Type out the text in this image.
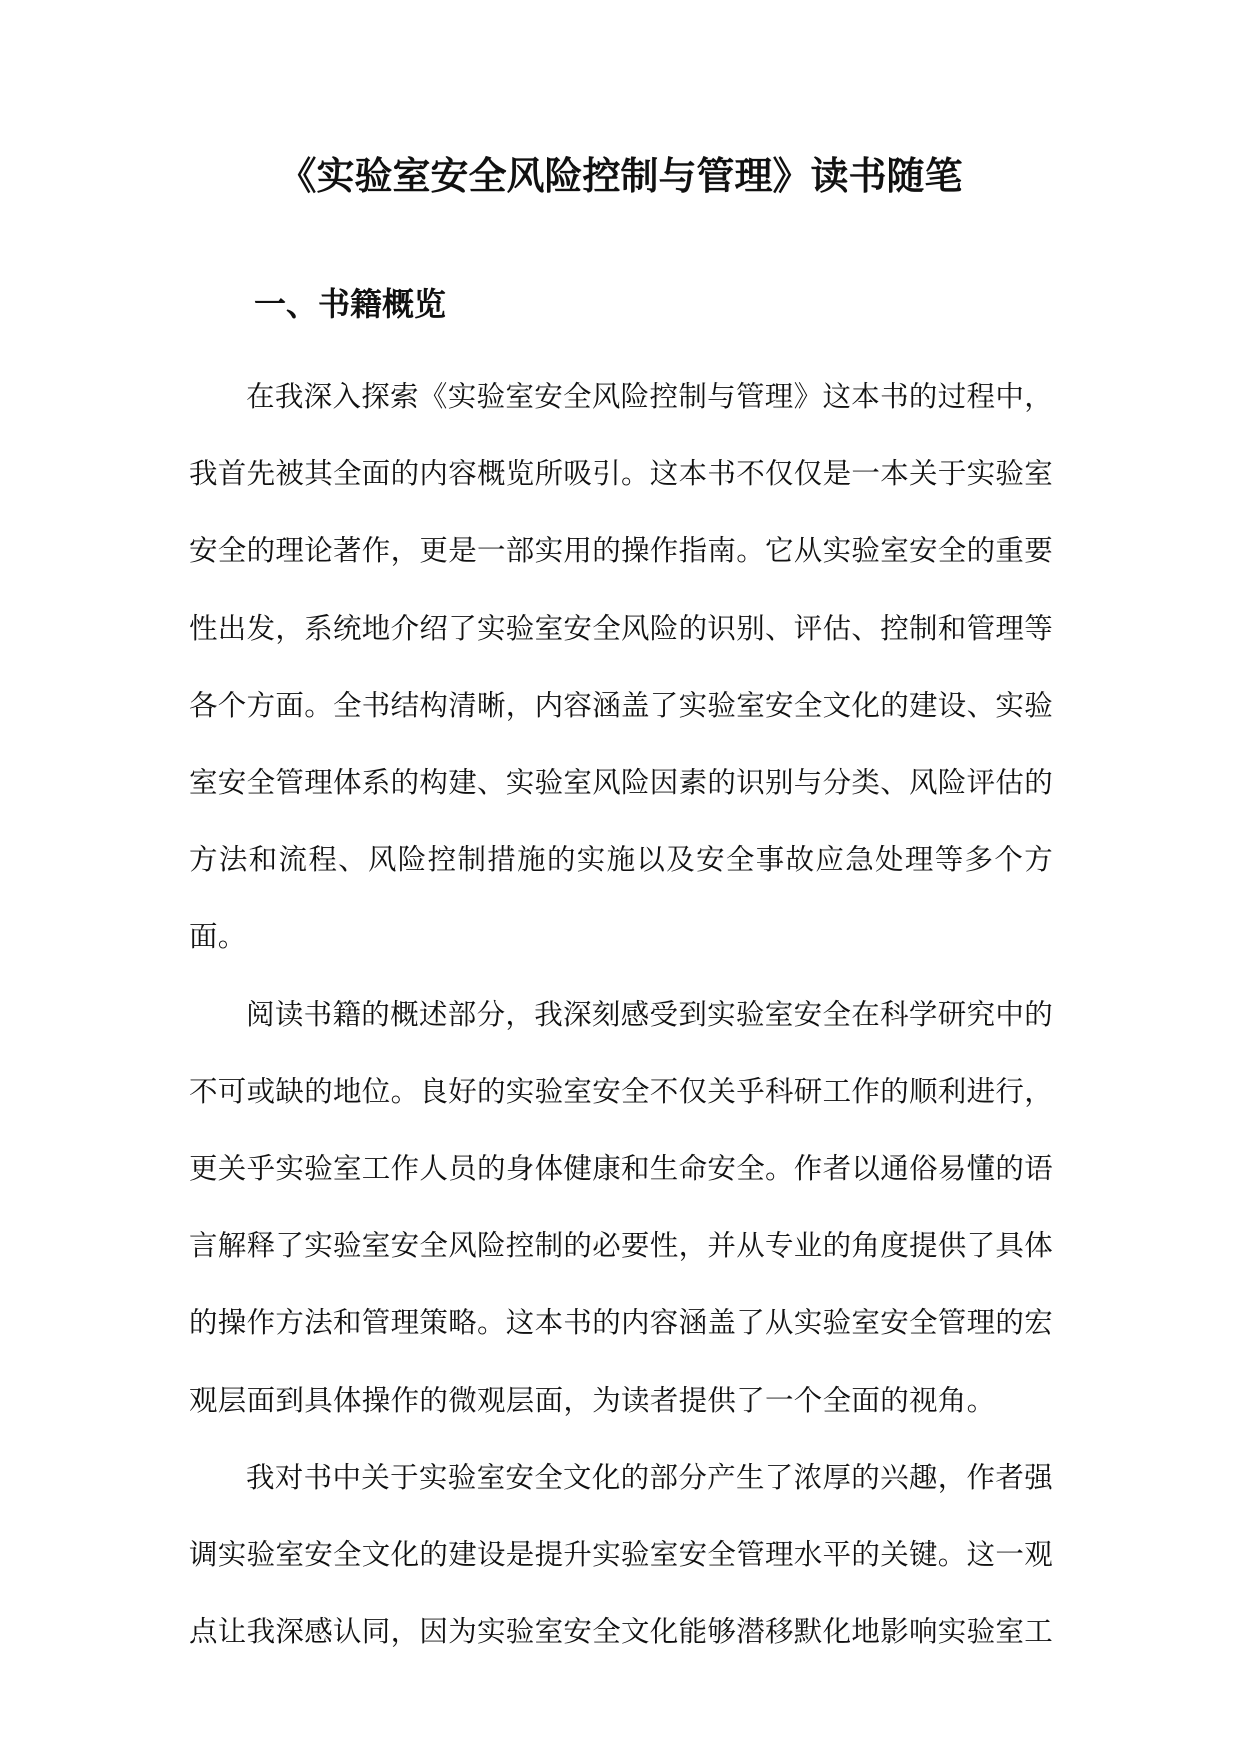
《实验室安全风险控制与管理》读书随笔
一、书籍概览

在我深入探索《实验室安全风险控制与管理》这本书的过程中，我首先被其全面的内容概览所吸引。这本书不仅仅是一本关于实验室安全的理论著作，更是一部实用的操作指南。它从实验室安全的重要性出发，系统地介绍了实验室安全风险的识别、评估、控制和管理等各个方面。全书结构清晰，内容涵盖了实验室安全文化的建设、实验室安全管理体系的构建、实验室风险因素的识别与分类、风险评估的方法和流程、风险控制措施的实施以及安全事故应急处理等多个方面。

阅读书籍的概述部分，我深刻感受到实验室安全在科学研究中的不可或缺的地位。良好的实验室安全不仅关乎科研工作的顺利进行，更关乎实验室工作人员的身体健康和生命安全。作者以通俗易懂的语言解释了实验室安全风险控制的必要性，并从专业的角度提供了具体的操作方法和管理策略。这本书的内容涵盖了从实验室安全管理的宏观层面到具体操作的微观层面，为读者提供了一个全面的视角。

我对书中关于实验室安全文化的部分产生了浓厚的兴趣，作者强调实验室安全文化的建设是提升实验室安全管理水平的关键。这一观点让我深感认同，因为实验室安全文化能够潜移默化地影响实验室工
